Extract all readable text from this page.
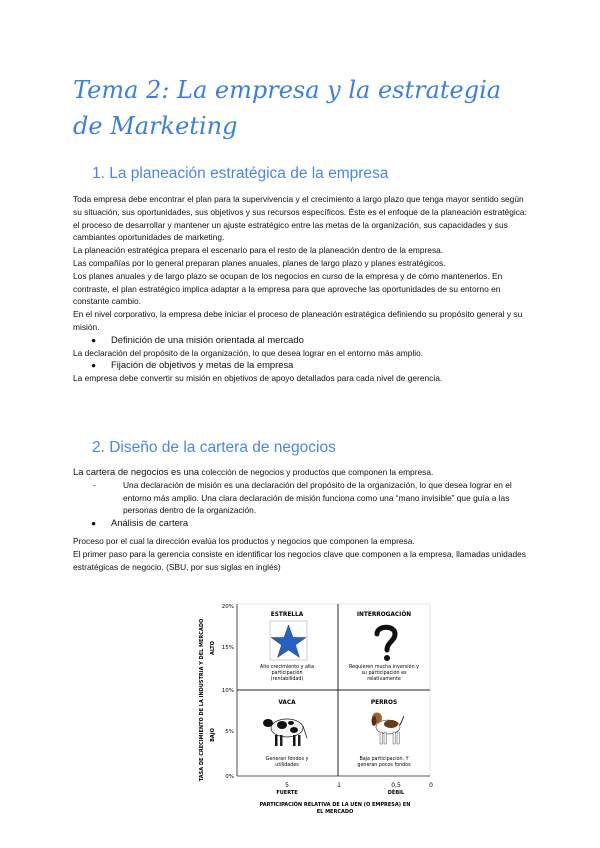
Tema 2: La empresa y la estrategia de Marketing
1. La planeación estratégica de la empresa

Toda empresa debe encontrar el plan para la supervivencia y el crecimiento a largo plazo que tenga mayor sentido según su situación, sus oportunidades, sus objetivos y sus recursos específicos. Éste es el enfoque de la planeación estratégica: el proceso de desarrollar y mantener un ajuste estratégico entre las metas de la organización, sus capacidades y sus cambiantes oportunidades de marketing.

La planeación estratégica prepara el escenario para el resto de la planeación dentro de la empresa.

Las compañías por lo general preparan planes anuales, planes de largo plazo y planes estratégicos.

Los planes anuales y de largo plazo se ocupan de los negocios en curso de la empresa y de cómo mantenerlos. En contraste, el plan estratégico implica adaptar a la empresa para que aproveche las oportunidades de su entorno en constante cambio.

En el nivel corporativo, la empresa debe iniciar el proceso de planeación estratégica definiendo su propósito general y su misión.

●	Definición de una misión orientada al mercado

La declaración del propósito de la organización, lo que desea lograr en el entorno más amplio.

●	Fijación de objetivos y metas de la empresa

La empresa debe convertir su misión en objetivos de apoyo detallados para cada nivel de gerencia.

2. Diseño de la cartera de negocios

La cartera de negocios es una colección de negocios y productos que componen la empresa.

-	Una declaración de misión es una declaración del propósito de la organización, lo que desea lograr en el entorno más amplio. Una clara declaración de misión funciona como una “mano invisible” que guía a las personas dentro de la organización.
●	Análisis de cartera

Proceso por el cual la dirección evalúa los productos y negocios que componen la empresa.

El primer paso para la gerencia consiste en identificar los negocios clave que componen a la empresa, llamadas unidades estratégicas de negocio. (SBU, por sus siglas en inglés)

TASA DE CRECIMIENTO DE LA INDUSTRIA Y DEL MERCADO ALTO
BAJO
20%
15%
10%
5%
0%
ESTRELLA	INTERROGACIÓN
VACA	PERROS
Alto crecimiento y alta
participación
(rentabilidad)
Requieren mucha inversión y
su participación es
relativamente
Generan fondos y
utilidades
Baja participación. Y
generan pocos fondos
5	1	0,5	0
FUERTE	DÉBIL
PARTICIPACIÓN RELATIVA DE LA UEN (O EMPRESA) EN
EL MERCADO
